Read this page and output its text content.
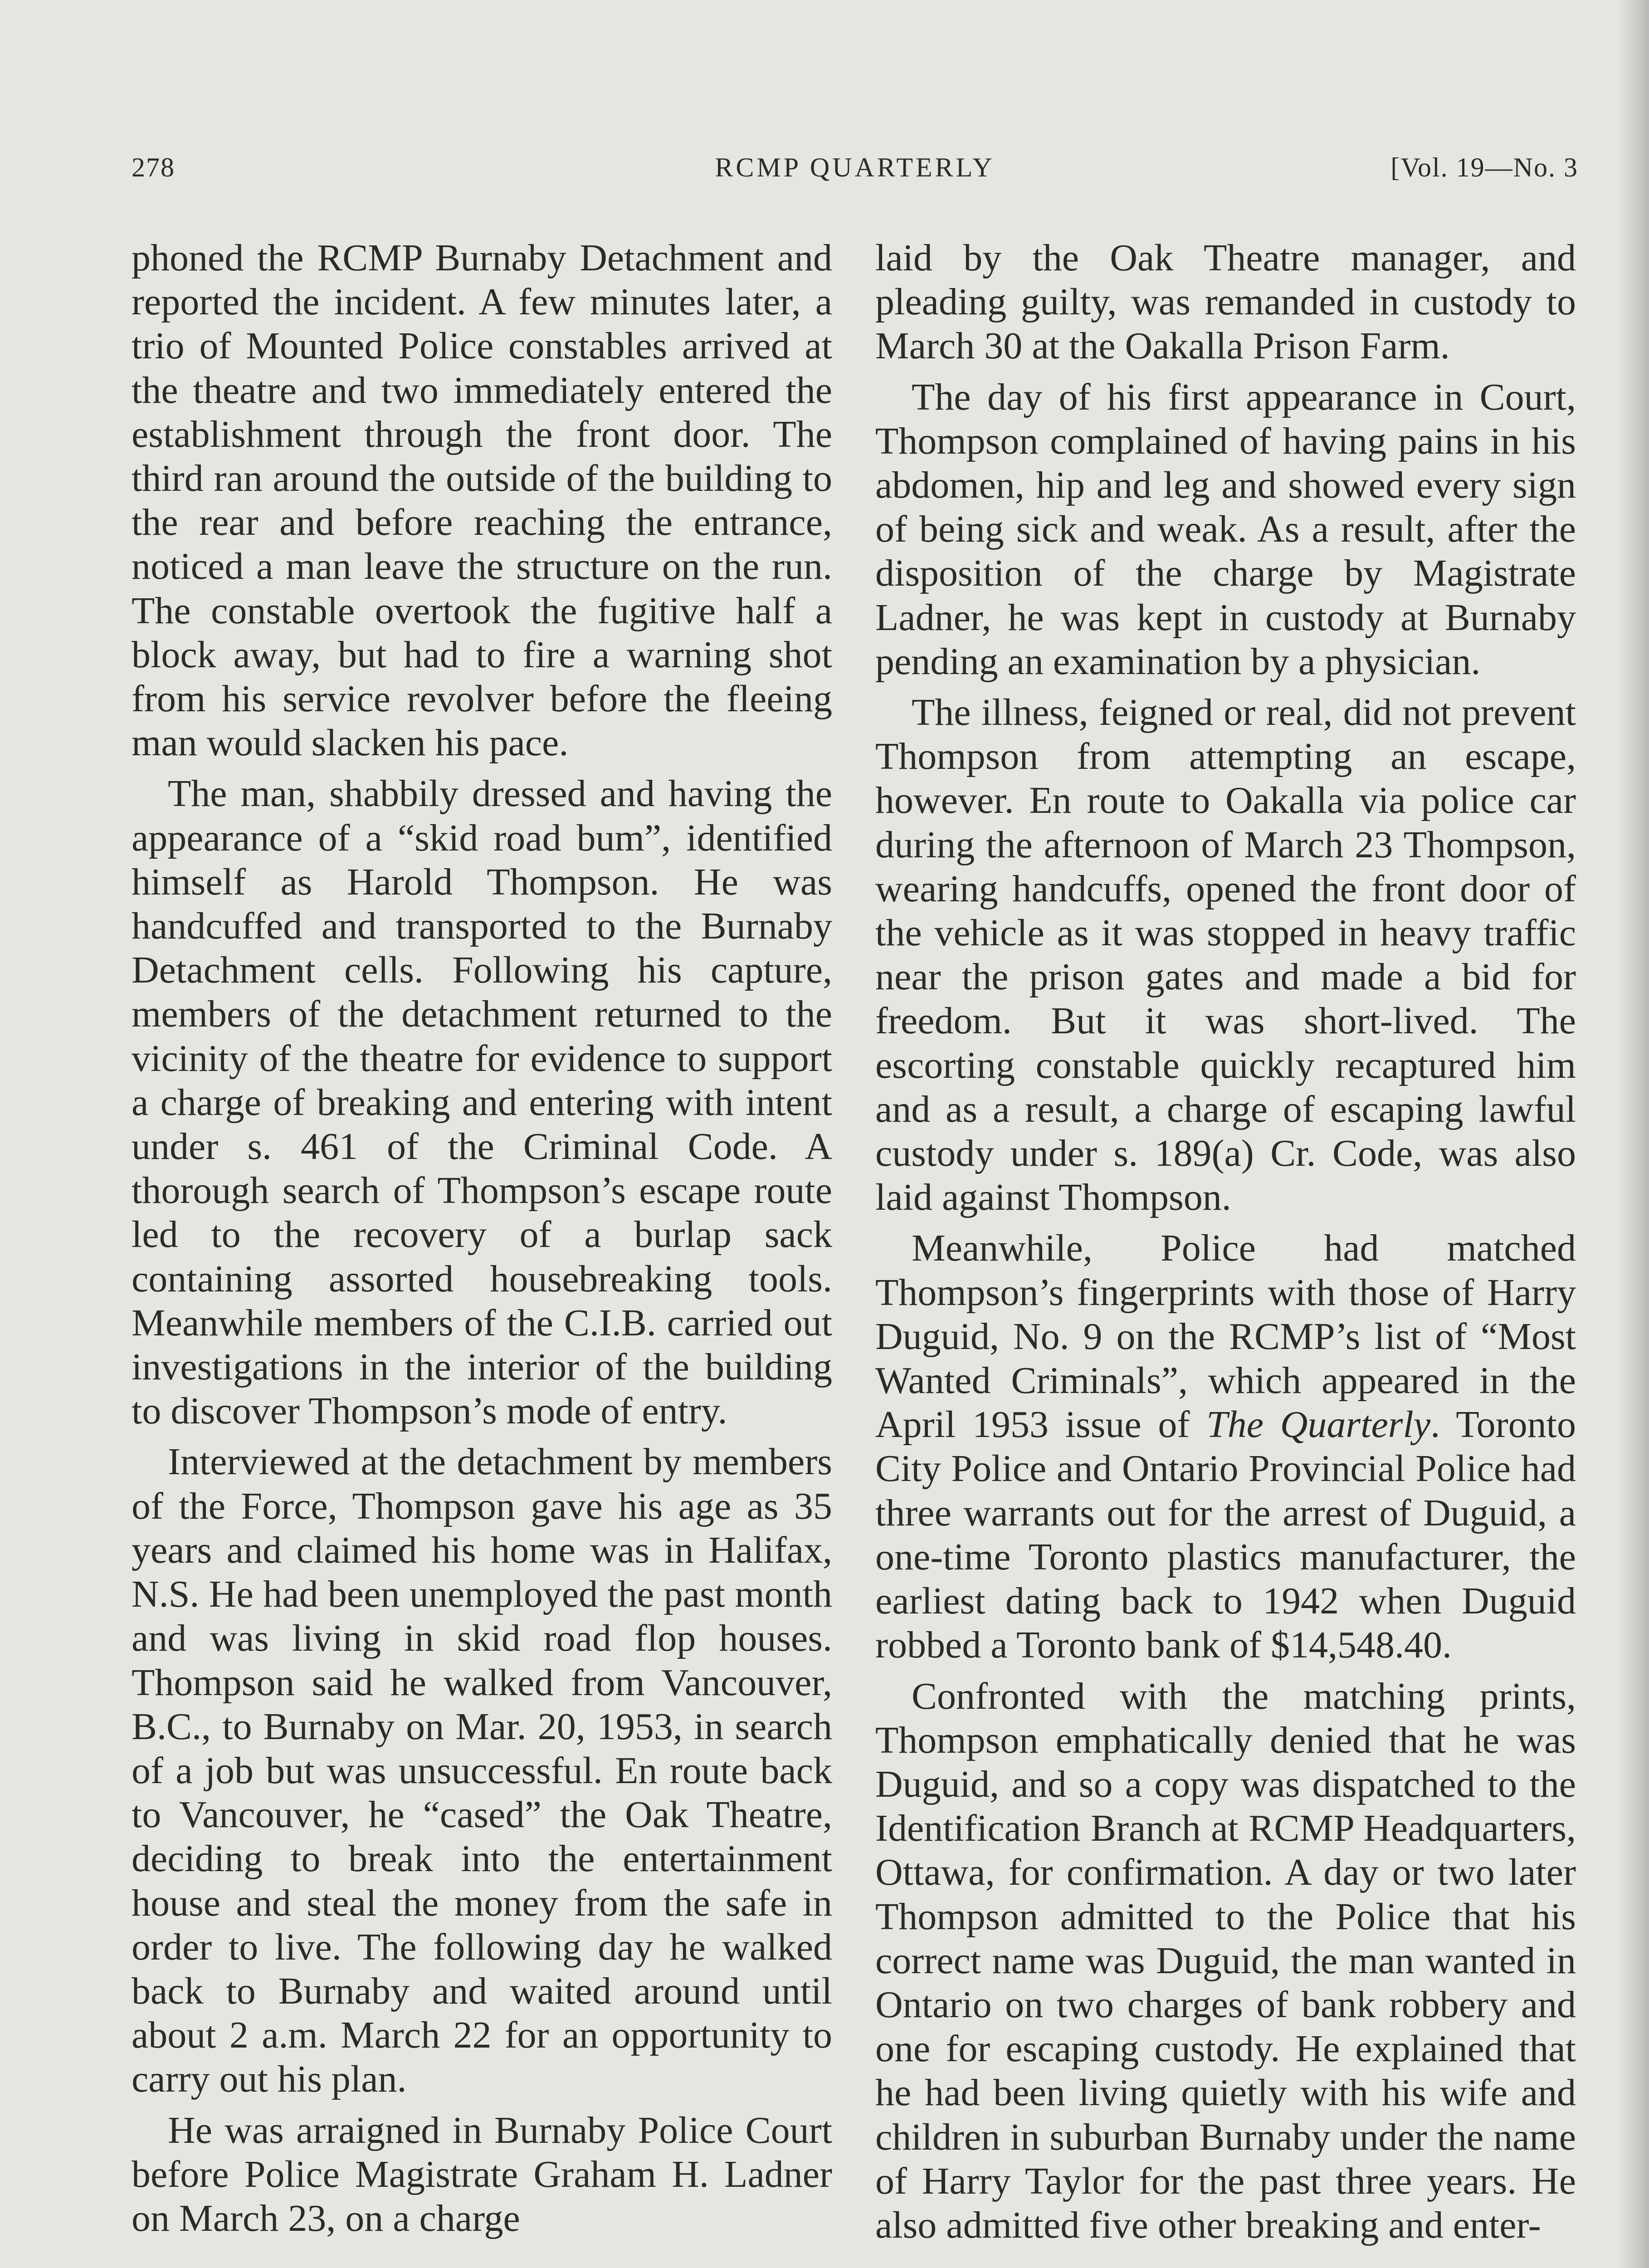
278	RCMP QUARTERLY	[Vol. 19—No. 3

phoned the RCMP Burnaby Detachment and reported the incident. A few minutes later, a trio of Mounted Police constables arrived at the theatre and two immediately entered the establishment through the front door. The third ran around the outside of the building to the rear and before reaching the entrance, noticed a man leave the structure on the run. The constable overtook the fugitive half a block away, but had to fire a warning shot from his service revolver before the fleeing man would slacken his pace.

The man, shabbily dressed and having the appearance of a “skid road bum”, identified himself as Harold Thompson. He was handcuffed and transported to the Burnaby Detachment cells. Following his capture, members of the detachment returned to the vicinity of the theatre for evidence to support a charge of breaking and entering with intent under s. 461 of the Criminal Code. A thorough search of Thompson’s escape route led to the recovery of a burlap sack containing assorted housebreaking tools. Meanwhile members of the C.I.B. carried out investigations in the interior of the building to discover Thompson’s mode of entry.

Interviewed at the detachment by members of the Force, Thompson gave his age as 35 years and claimed his home was in Halifax, N.S. He had been unemployed the past month and was living in skid road flop houses. Thompson said he walked from Vancouver, B.C., to Burnaby on Mar. 20, 1953, in search of a job but was unsuccessful. En route back to Vancouver, he “cased” the Oak Theatre, deciding to break into the entertainment house and steal the money from the safe in order to live. The following day he walked back to Burnaby and waited around until about 2 a.m. March 22 for an opportunity to carry out his plan.

He was arraigned in Burnaby Police Court before Police Magistrate Graham H. Ladner on March 23, on a charge

laid by the Oak Theatre manager, and pleading guilty, was remanded in custody to March 30 at the Oakalla Prison Farm.

The day of his first appearance in Court, Thompson complained of having pains in his abdomen, hip and leg and showed every sign of being sick and weak. As a result, after the disposition of the charge by Magistrate Ladner, he was kept in custody at Burnaby pending an examination by a physician.

The illness, feigned or real, did not prevent Thompson from attempting an escape, however. En route to Oakalla via police car during the afternoon of March 23 Thompson, wearing handcuffs, opened the front door of the vehicle as it was stopped in heavy traffic near the prison gates and made a bid for freedom. But it was short-lived. The escorting constable quickly recaptured him and as a result, a charge of escaping lawful custody under s. 189(a) Cr. Code, was also laid against Thompson.

Meanwhile, Police had matched Thompson’s fingerprints with those of Harry Duguid, No. 9 on the RCMP’s list of “Most Wanted Criminals”, which appeared in the April 1953 issue of The Quarterly. Toronto City Police and Ontario Provincial Police had three warrants out for the arrest of Duguid, a one-time Toronto plastics manufacturer, the earliest dating back to 1942 when Duguid robbed a Toronto bank of $14,548.40.

Confronted with the matching prints, Thompson emphatically denied that he was Duguid, and so a copy was dispatched to the Identification Branch at RCMP Headquarters, Ottawa, for confirmation. A day or two later Thompson admitted to the Police that his correct name was Duguid, the man wanted in Ontario on two charges of bank robbery and one for escaping custody. He explained that he had been living quietly with his wife and children in suburban Burnaby under the name of Harry Taylor for the past three years. He also admitted five other breaking and enter-
